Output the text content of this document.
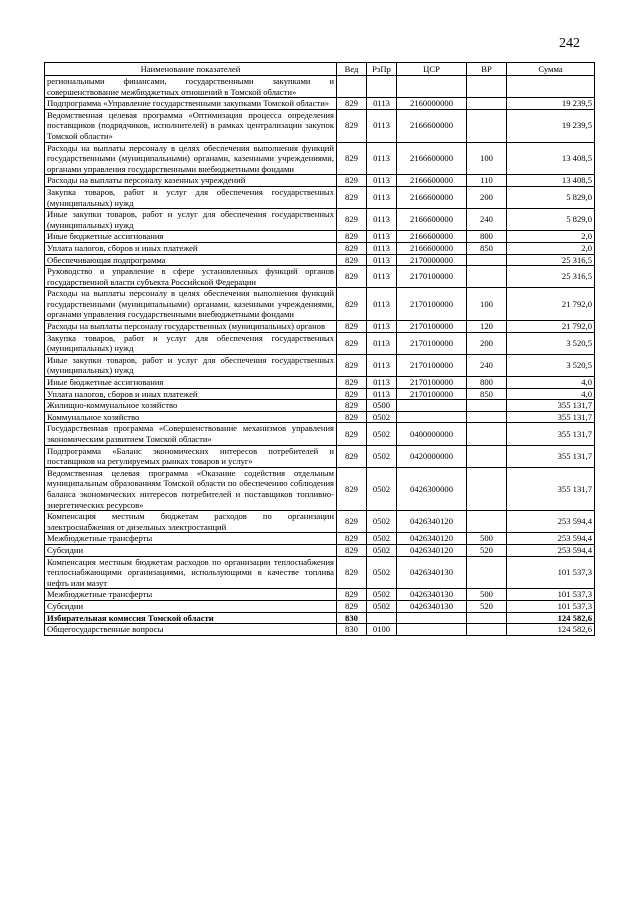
242
Наименование показателей	Вед	РзПр	ЦСР	ВР	Сумма
региональными финансами, государственными закупками и совершенствование межбюджетных отношений в Томской области»					
Подпрограмма «Управление государственными закупками Томской области»	829	0113	2160000000		19 239,5
Ведомственная целевая программа «Оптимизация процесса определения поставщиков (подрядчиков, исполнителей) в рамках централизации закупок Томской области»	829	0113	2166600000		19 239,5
Расходы на выплаты персоналу в целях обеспечения выполнения функций государственными (муниципальными) органами, казенными учреждениями, органами управления государственными внебюджетными фондами	829	0113	2166600000	100	13 408,5
Расходы на выплаты персоналу казенных учреждений	829	0113	2166600000	110	13 408,5
Закупка товаров, работ и услуг для обеспечения государственных (муниципальных) нужд	829	0113	2166600000	200	5 829,0
Иные закупки товаров, работ и услуг для обеспечения государственных (муниципальных) нужд	829	0113	2166600000	240	5 829,0
Иные бюджетные ассигнования	829	0113	2166600000	800	2,0
Уплата налогов, сборов и иных платежей	829	0113	2166600000	850	2,0
Обеспечивающая подпрограмма	829	0113	2170000000		25 316,5
Руководство и управление в сфере установленных функций органов государственной власти субъекта Российской Федерации	829	0113	2170100000		25 316,5
Расходы на выплаты персоналу в целях обеспечения выполнения функций государственными (муниципальными) органами, казенными учреждениями, органами управления государственными внебюджетными фондами	829	0113	2170100000	100	21 792,0
Расходы на выплаты персоналу государственных (муниципальных) органов	829	0113	2170100000	120	21 792,0
Закупка товаров, работ и услуг для обеспечения государственных (муниципальных) нужд	829	0113	2170100000	200	3 520,5
Иные закупки товаров, работ и услуг для обеспечения государственных (муниципальных) нужд	829	0113	2170100000	240	3 520,5
Иные бюджетные ассигнования	829	0113	2170100000	800	4,0
Уплата налогов, сборов и иных платежей	829	0113	2170100000	850	4,0
Жилищно-коммунальное хозяйство	829	0500			355 131,7
Коммунальное хозяйство	829	0502			355 131,7
Государственная программа «Совершенствование механизмов управления экономическим развитием Томской области»	829	0502	0400000000		355 131,7
Подпрограмма «Баланс экономических интересов потребителей и поставщиков на регулируемых рынках товаров и услуг»	829	0502	0420000000		355 131,7
Ведомственная целевая программа «Оказание содействия отдельным муниципальным образованиям Томской области по обеспечению соблюдения баланса экономических интересов потребителей и поставщиков топливно-энергетических ресурсов»	829	0502	0426300000		355 131,7
Компенсация местным бюджетам расходов по организации электроснабжения от дизельных электростанций	829	0502	0426340120		253 594,4
Межбюджетные трансферты	829	0502	0426340120	500	253 594,4
Субсидии	829	0502	0426340120	520	253 594,4
Компенсация местным бюджетам расходов по организации теплоснабжения теплоснабжающими организациями, использующими в качестве топлива нефть или мазут	829	0502	0426340130		101 537,3
Межбюджетные трансферты	829	0502	0426340130	500	101 537,3
Субсидии	829	0502	0426340130	520	101 537,3
Избирательная комиссия Томской области	830				124 582,6
Общегосударственные вопросы	830	0100			124 582,6
